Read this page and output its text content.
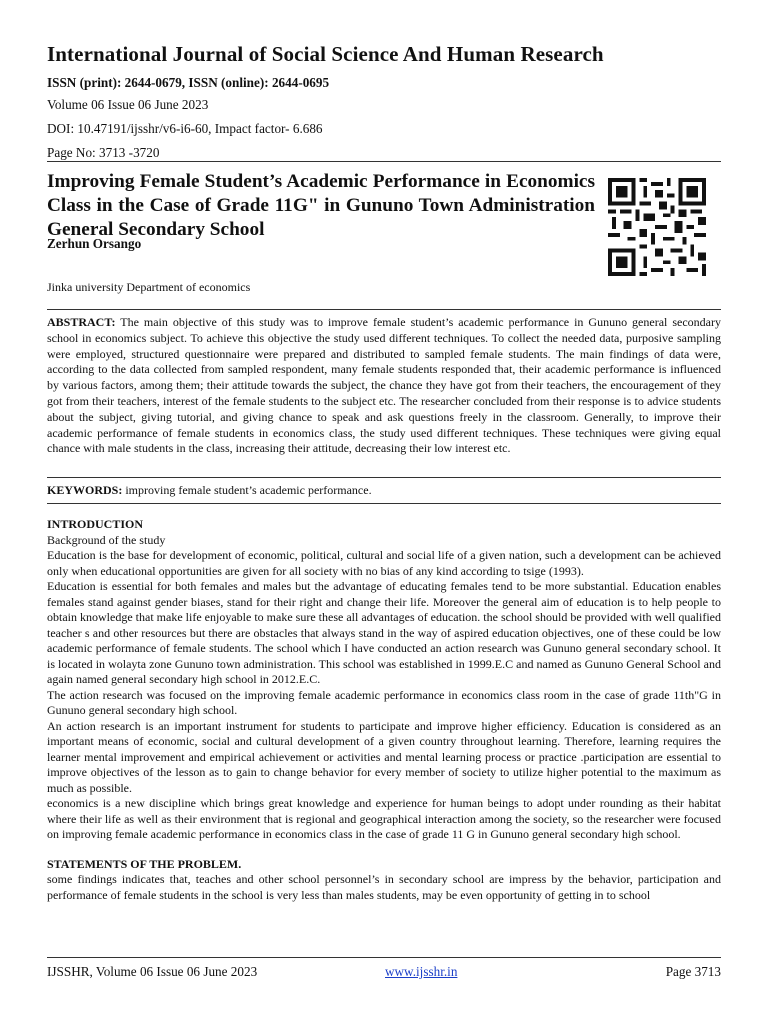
International Journal of Social Science And Human Research
ISSN (print): 2644-0679, ISSN (online): 2644-0695
Volume 06 Issue 06 June 2023
DOI: 10.47191/ijsshr/v6-i6-60, Impact factor- 6.686
Page No: 3713 -3720
Improving Female Student’s Academic Performance in Economics Class in the Case of Grade 11G" in Gununo Town Administration General Secondary School
Zerhun Orsango
Jinka university Department of economics
ABSTRACT: The main objective of this study was to improve female student’s academic performance in Gununo general secondary school in economics subject. To achieve this objective the study used different techniques. To collect the needed data, purposive sampling were employed, structured questionnaire were prepared and distributed to sampled female students. The main findings of data were, according to the data collected from sampled respondent, many female students responded that, their academic performance is influenced by various factors, among them; their attitude towards the subject, the chance they have got from their teachers, the encouragement of they got from their teachers, interest of the female students to the subject etc. The researcher concluded from their response is to advice students about the subject, giving tutorial, and giving chance to speak and ask questions freely in the classroom. Generally, to improve their academic performance of female students in economics class, the study used different techniques. These techniques were giving equal chance with male students in the class, increasing their attitude, decreasing their low interest etc.
KEYWORDS: improving female student’s academic performance.

INTRODUCTION

Background of the study

Education is the base for development of economic, political, cultural and social life of a given nation, such a development can be achieved only when educational opportunities are given for all society with no bias of any kind according to tsige (1993).

Education is essential for both females and males but the advantage of educating females tend to be more substantial. Education enables females stand against gender biases, stand for their right and change their life. Moreover the general aim of education is to help people to obtain knowledge that make life enjoyable to make sure these all advantages of education. the school should be provided with well qualified teacher s and other resources but there are obstacles that always stand in the way of aspired education objectives, one of these could be low academic performance of female students. The school which I have conducted an action research was Gununo general secondary school. It is located in wolayta zone Gununo town administration. This school was established in 1999.E.C and named as Gununo General School and again named general secondary high school in 2012.E.C.

The action research was focused on the improving female academic performance in economics class room in the case of grade 11th"G in Gununo general secondary high school.

An action research is an important instrument for students to participate and improve higher efficiency. Education is considered as an important means of economic, social and cultural development of a given country throughout learning. Therefore, learning requires the learner mental improvement and empirical achievement or activities and mental learning process or practice .participation are essential to improve objectives of the lesson as to gain to change behavior for every member of society to utilize higher potential to the maximum as much as possible.

economics is a new discipline which brings great knowledge and experience for human beings to adopt under rounding as their habitat where their life as well as their environment that is regional and geographical interaction among the society, so the researcher were focused on improving female academic performance in economics class in the case of grade 11 G in Gununo general secondary high school.

STATEMENTS OF THE PROBLEM.

some findings indicates that, teaches and other school personnel’s in secondary school are impress by the behavior, participation and performance of female students in the school is very less than males students, may be even opportunity of getting in to school

IJSSHR, Volume 06 Issue 06 June 2023	www.ijsshr.in	Page 3713
